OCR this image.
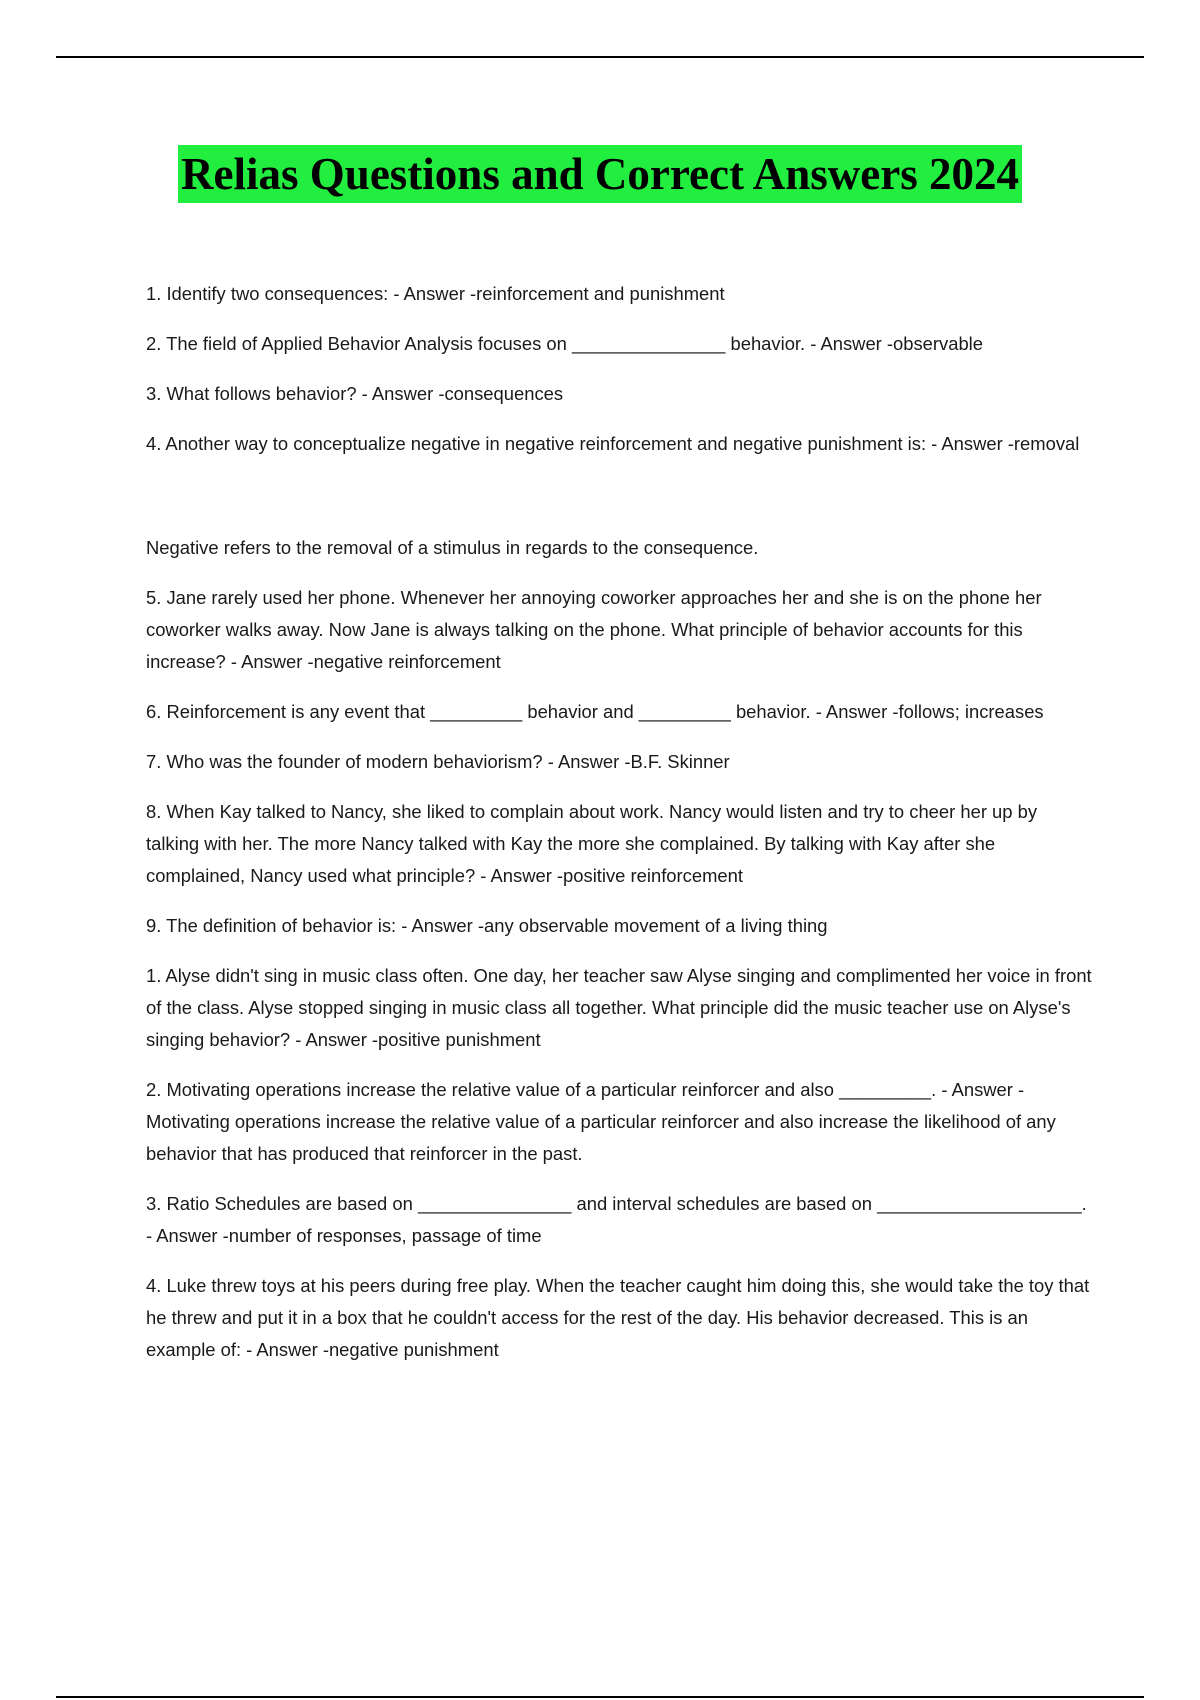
Relias Questions and Correct Answers 2024

1. Identify two consequences: - Answer -reinforcement and punishment

2. The field of Applied Behavior Analysis focuses on _______________ behavior. - Answer -observable

3. What follows behavior? - Answer -consequences

4. Another way to conceptualize negative in negative reinforcement and negative punishment is: - Answer -removal

Negative refers to the removal of a stimulus in regards to the consequence.

5. Jane rarely used her phone. Whenever her annoying coworker approaches her and she is on the phone her coworker walks away. Now Jane is always talking on the phone. What principle of behavior accounts for this increase? - Answer -negative reinforcement

6. Reinforcement is any event that _________ behavior and _________ behavior. - Answer -follows; increases

7. Who was the founder of modern behaviorism? - Answer -B.F. Skinner

8. When Kay talked to Nancy, she liked to complain about work. Nancy would listen and try to cheer her up by talking with her. The more Nancy talked with Kay the more she complained. By talking with Kay after she complained, Nancy used what principle? - Answer -positive reinforcement

9. The definition of behavior is: - Answer -any observable movement of a living thing

1. Alyse didn't sing in music class often. One day, her teacher saw Alyse singing and complimented her voice in front of the class. Alyse stopped singing in music class all together. What principle did the music teacher use on Alyse's singing behavior? - Answer -positive punishment

2. Motivating operations increase the relative value of a particular reinforcer and also _________. - Answer -Motivating operations increase the relative value of a particular reinforcer and also increase the likelihood of any behavior that has produced that reinforcer in the past.

3. Ratio Schedules are based on _______________ and interval schedules are based on ____________________. - Answer -number of responses, passage of time

4. Luke threw toys at his peers during free play. When the teacher caught him doing this, she would take the toy that he threw and put it in a box that he couldn't access for the rest of the day. His behavior decreased. This is an example of: - Answer -negative punishment
